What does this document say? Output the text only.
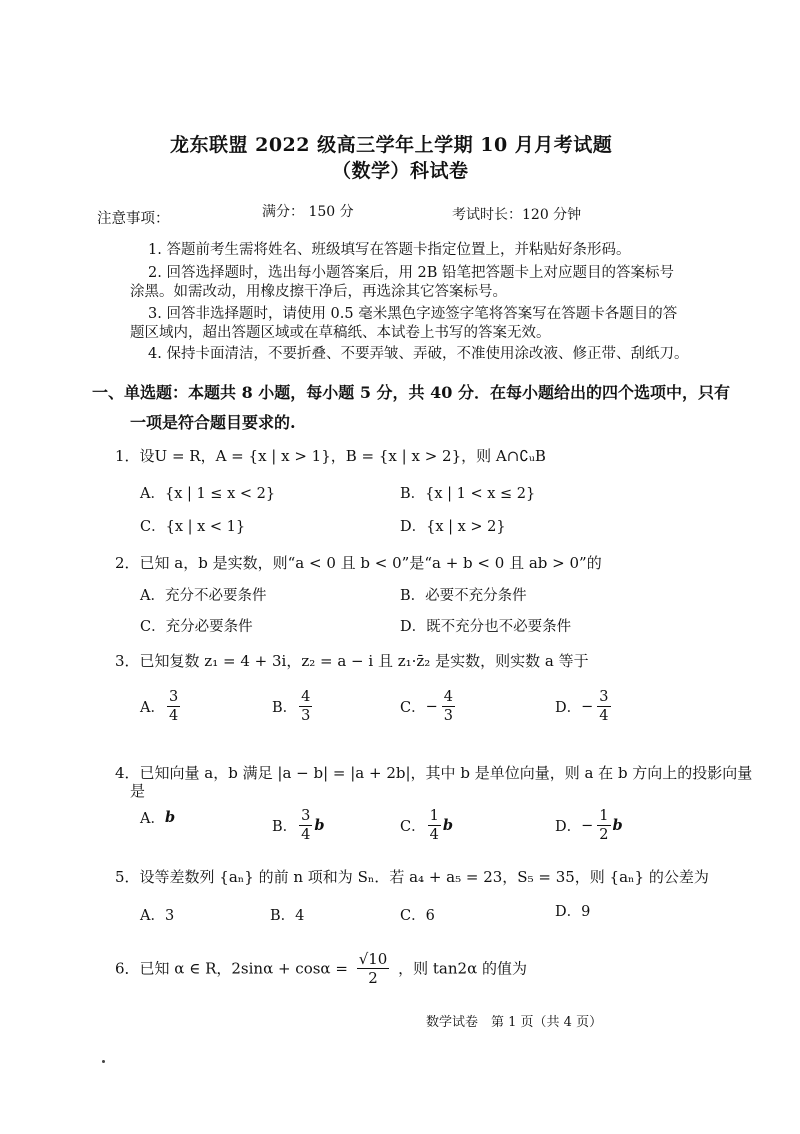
龙东联盟 2022 级高三学年上学期 10 月月考试题
（数学）科试卷
满分： 150 分	考试时长：120 分钟
注意事项：
1. 答题前考生需将姓名、班级填写在答题卡指定位置上，并粘贴好条形码。
2. 回答选择题时，选出每小题答案后，用 2B 铅笔把答题卡上对应题目的答案标号
涂黑。如需改动，用橡皮擦干净后，再选涂其它答案标号。
3. 回答非选择题时，请使用 0.5 毫米黑色字迹签字笔将答案写在答题卡各题目的答
题区域内，超出答题区域或在草稿纸、本试卷上书写的答案无效。
4. 保持卡面清洁，不要折叠、不要弄皱、弄破，不准使用涂改液、修正带、刮纸刀。
一、单选题：本题共 8 小题，每小题 5 分，共 40 分．在每小题给出的四个选项中，只有
一项是符合题目要求的.
1．设U = R，A = {x | x > 1}，B = {x | x > 2}，则 A∩∁ᵤB
A．{x | 1 ≤ x < 2}	B．{x | 1 < x ≤ 2}
C．{x | x < 1}	D．{x | x > 2}
2．已知 a，b 是实数，则“a < 0 且 b < 0”是“a + b < 0 且 ab > 0”的
A．充分不必要条件	B．必要不充分条件
C．充分必要条件	D．既不充分也不必要条件
3．已知复数 z₁ = 4 + 3i，z₂ = a − i 且 z₁·z̄₂ 是实数，则实数 a 等于
A． $\frac{3}{4}$	B． $\frac{4}{3}$	C． − $\frac{4}{3}$	D． − $\frac{3}{4}$
4．已知向量 a，b 满足 |a − b| = |a + 2b|，其中 b 是单位向量，则 a 在 b 方向上的投影向量
是
A． b
B． $\frac{3}{4}$ b	C． $\frac{1}{4}$ b	D． − $\frac{1}{2}$ b
5．设等差数列 {aₙ} 的前 n 项和为 Sₙ．若 a₄ + a₅ = 23，S₅ = 35，则 {aₙ} 的公差为
A．3	B．4	C．6	D．9
6．已知 α ∈ R，$2\sin\alpha + \cos\alpha = \frac{√10}{2}$ ，则 tan2α 的值为
数学试卷　第 1 页（共 4 页）
